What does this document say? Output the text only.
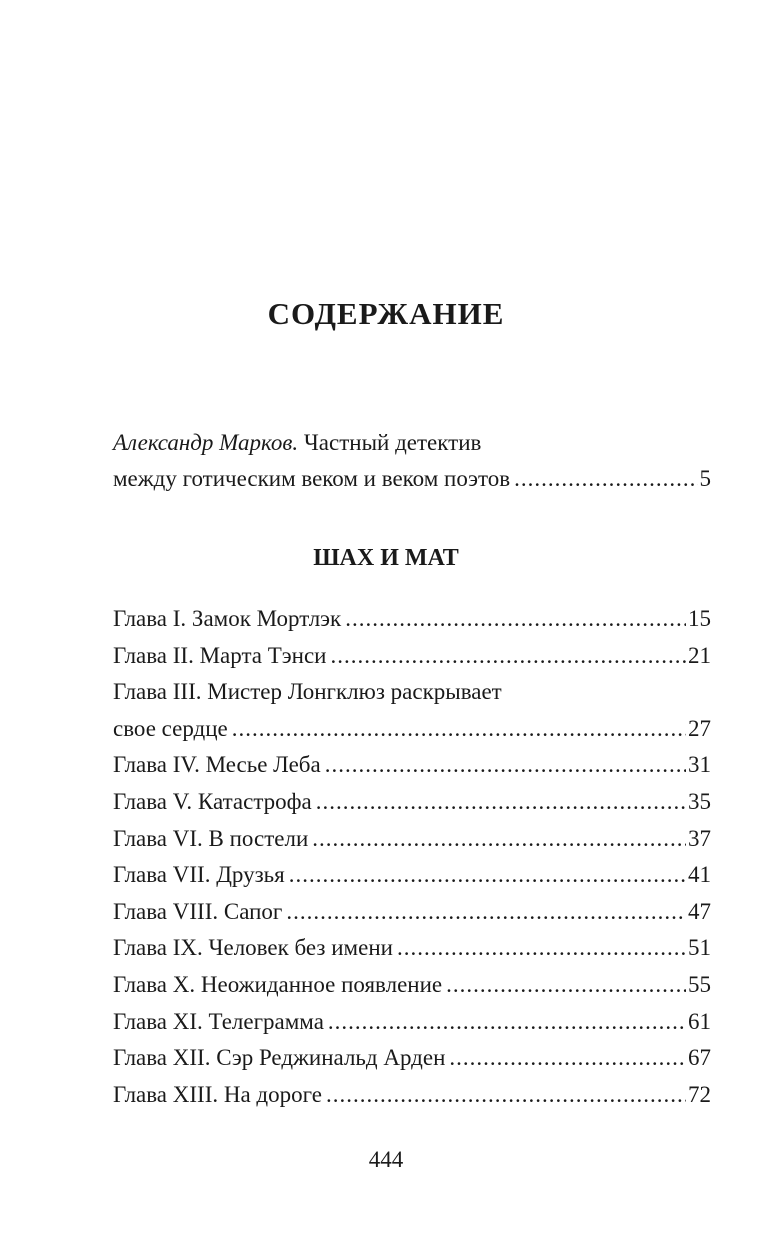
СОДЕРЖАНИЕ
Александр Марков. Частный детектив
между готическим веком и веком поэтов .....	5
ШАХ И МАТ
Глава I. Замок Мортлэк .....	15
Глава II. Марта Тэнси .....	21
Глава III. Мистер Лонгклюз раскрывает
свое сердце .....	27
Глава IV. Месье Леба .....	31
Глава V. Катастрофа .....	35
Глава VI. В постели .....	37
Глава VII. Друзья .....	41
Глава VIII. Сапог .....	47
Глава IX. Человек без имени .....	51
Глава X. Неожиданное появление .....	55
Глава XI. Телеграмма .....	61
Глава XII. Сэр Реджинальд Арден .....	67
Глава XIII. На дороге .....	72
444
